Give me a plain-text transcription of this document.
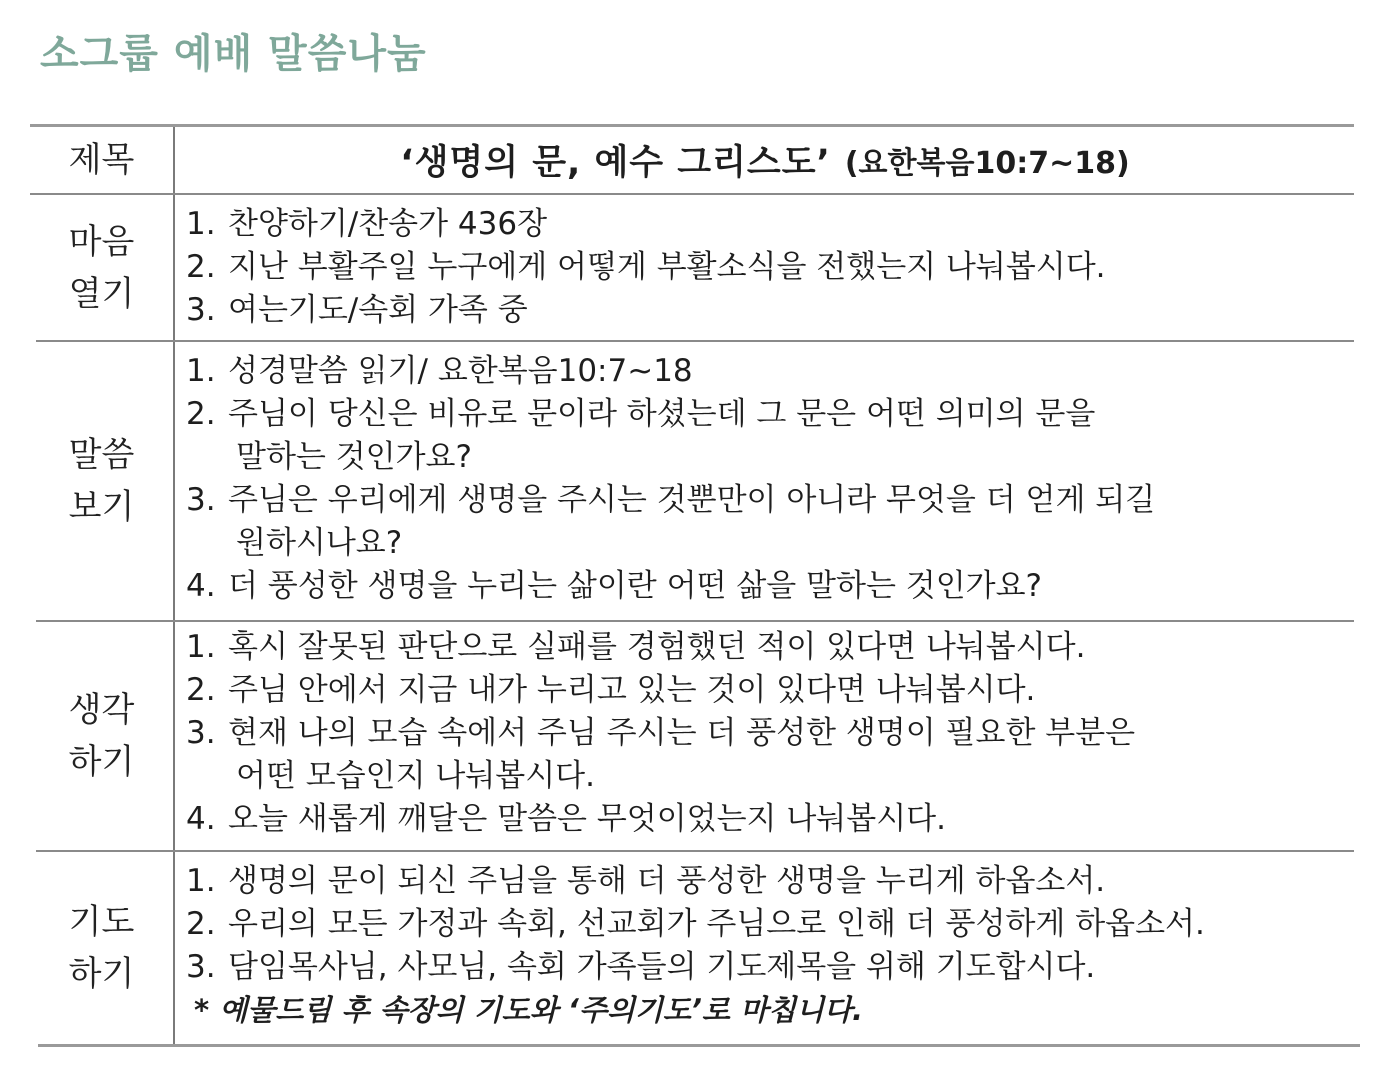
소그룹 예배 말씀나눔
제목	‘생명의 문, 예수 그리스도’ (요한복음10:7~18)
마음
열기
1. 찬양하기/찬송가 436장
2. 지난 부활주일 누구에게 어떻게 부활소식을 전했는지 나눠봅시다.
3. 여는기도/속회 가족 중
말씀
보기
1. 성경말씀 읽기/ 요한복음10:7~18
2. 주님이 당신은 비유로 문이라 하셨는데 그 문은 어떤 의미의 문을
말하는 것인가요?
3. 주님은 우리에게 생명을 주시는 것뿐만이 아니라 무엇을 더 얻게 되길
원하시나요?
4. 더 풍성한 생명을 누리는 삶이란 어떤 삶을 말하는 것인가요?
생각
하기
1. 혹시 잘못된 판단으로 실패를 경험했던 적이 있다면 나눠봅시다.
2. 주님 안에서 지금 내가 누리고 있는 것이 있다면 나눠봅시다.
3. 현재 나의 모습 속에서 주님 주시는 더 풍성한 생명이 필요한 부분은
어떤 모습인지 나눠봅시다.
4. 오늘 새롭게 깨달은 말씀은 무엇이었는지 나눠봅시다.
기도
하기
1. 생명의 문이 되신 주님을 통해 더 풍성한 생명을 누리게 하옵소서.
2. 우리의 모든 가정과 속회, 선교회가 주님으로 인해 더 풍성하게 하옵소서.
3. 담임목사님, 사모님, 속회 가족들의 기도제목을 위해 기도합시다.
* 예물드림 후 속장의 기도와 ‘주의기도’로 마칩니다.
